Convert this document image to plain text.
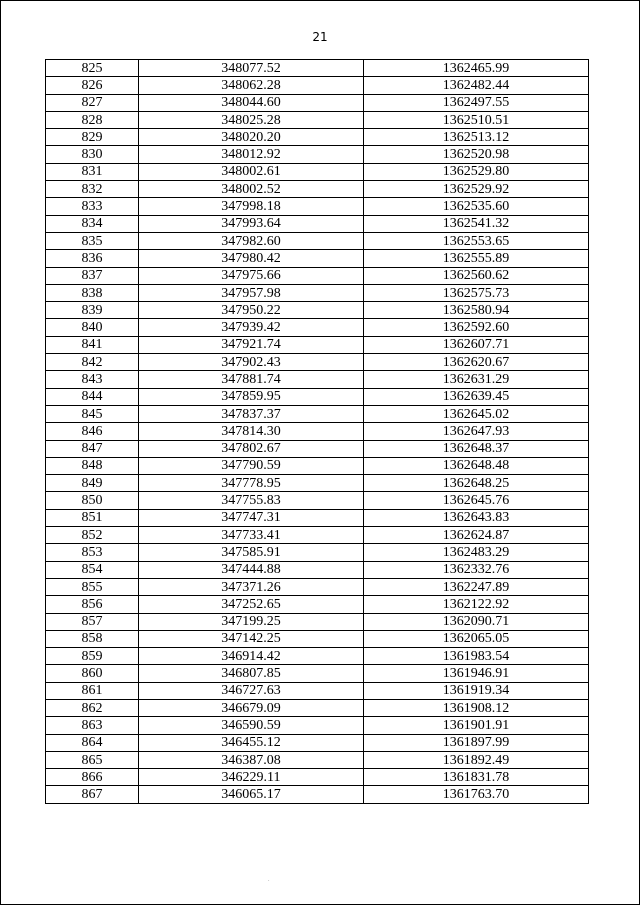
21
825	348077.52	1362465.99
826	348062.28	1362482.44
827	348044.60	1362497.55
828	348025.28	1362510.51
829	348020.20	1362513.12
830	348012.92	1362520.98
831	348002.61	1362529.80
832	348002.52	1362529.92
833	347998.18	1362535.60
834	347993.64	1362541.32
835	347982.60	1362553.65
836	347980.42	1362555.89
837	347975.66	1362560.62
838	347957.98	1362575.73
839	347950.22	1362580.94
840	347939.42	1362592.60
841	347921.74	1362607.71
842	347902.43	1362620.67
843	347881.74	1362631.29
844	347859.95	1362639.45
845	347837.37	1362645.02
846	347814.30	1362647.93
847	347802.67	1362648.37
848	347790.59	1362648.48
849	347778.95	1362648.25
850	347755.83	1362645.76
851	347747.31	1362643.83
852	347733.41	1362624.87
853	347585.91	1362483.29
854	347444.88	1362332.76
855	347371.26	1362247.89
856	347252.65	1362122.92
857	347199.25	1362090.71
858	347142.25	1362065.05
859	346914.42	1361983.54
860	346807.85	1361946.91
861	346727.63	1361919.34
862	346679.09	1361908.12
863	346590.59	1361901.91
864	346455.12	1361897.99
865	346387.08	1361892.49
866	346229.11	1361831.78
867	346065.17	1361763.70
.
